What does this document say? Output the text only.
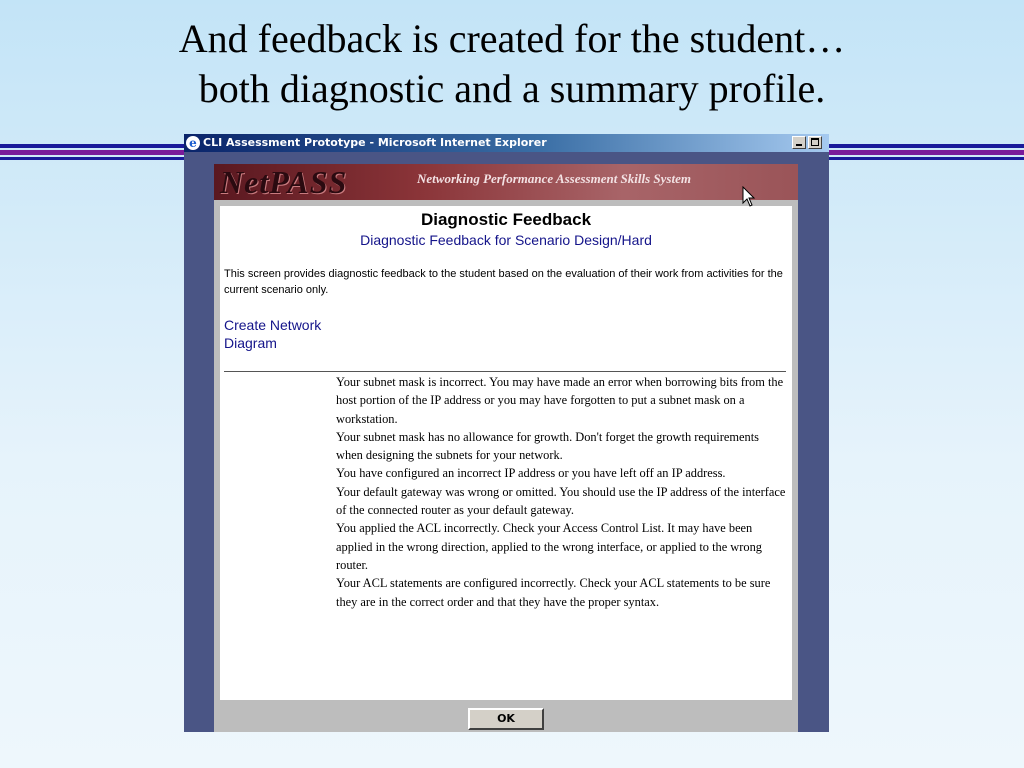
And feedback is created for the student…
both diagnostic and a summary profile.
e CLI Assessment Prototype - Microsoft Internet Explorer
NetPASS	Networking Performance Assessment Skills System
Diagnostic Feedback
Diagnostic Feedback for Scenario Design/Hard
This screen provides diagnostic feedback to the student based on the evaluation of their work from activities for the current scenario only.
Create Network Diagram
Your subnet mask is incorrect. You may have made an error when borrowing bits from the host portion of the IP address or you may have forgotten to put a subnet mask on a workstation.
Your subnet mask has no allowance for growth. Don't forget the growth requirements when designing the subnets for your network.
You have configured an incorrect IP address or you have left off an IP address.
Your default gateway was wrong or omitted. You should use the IP address of the interface of the connected router as your default gateway.
You applied the ACL incorrectly. Check your Access Control List. It may have been applied in the wrong direction, applied to the wrong interface, or applied to the wrong router.
Your ACL statements are configured incorrectly. Check your ACL statements to be sure they are in the correct order and that they have the proper syntax.
OK
